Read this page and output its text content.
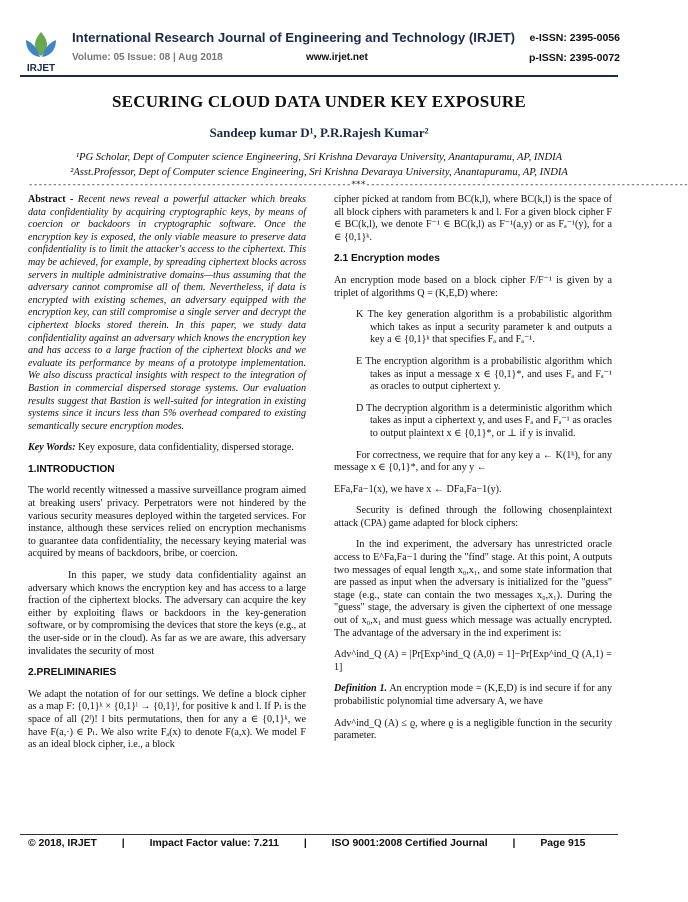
IRJET
International Research Journal of Engineering and Technology (IRJET) e-ISSN: 2395-0056
Volume: 05 Issue: 08 | Aug 2018	www.irjet.net	p-ISSN: 2395-0072
SECURING CLOUD DATA UNDER KEY EXPOSURE
Sandeep kumar D¹, P.R.Rajesh Kumar²
¹PG Scholar, Dept of Computer science Engineering, Sri Krishna Devaraya University, Anantapuramu, AP, INDIA
²Asst.Professor, Dept of Computer science Engineering, Sri Krishna Devaraya University, Anantapuramu, AP, INDIA
-------------------------------------------------------------------***-------------------------------------------------------------------

Abstract - Recent news reveal a powerful attacker which breaks data confidentiality by acquiring cryptographic keys, by means of coercion or backdoors in cryptographic software. Once the encryption key is exposed, the only viable measure to preserve data confidentiality is to limit the attacker's access to the ciphertext. This may be achieved, for example, by spreading ciphertext blocks across servers in multiple administrative domains—thus assuming that the adversary cannot compromise all of them. Nevertheless, if data is encrypted with existing schemes, an adversary equipped with the encryption key, can still compromise a single server and decrypt the ciphertext blocks stored therein. In this paper, we study data confidentiality against an adversary which knows the encryption key and has access to a large fraction of the ciphertext blocks and we evaluate its performance by means of a prototype implementation. We also discuss practical insights with respect to the integration of Bastion in commercial dispersed storage systems. Our evaluation results suggest that Bastion is well-suited for integration in existing systems since it incurs less than 5% overhead compared to existing semantically secure encryption modes.

Key Words: Key exposure, data confidentiality, dispersed storage.

1.INTRODUCTION

The world recently witnessed a massive surveillance program aimed at breaking users' privacy. Perpetrators were not hindered by the various security measures deployed within the targeted services. For instance, although these services relied on encryption mechanisms to guarantee data confidentiality, the necessary keying material was acquired by means of backdoors, bribe, or coercion.

In this paper, we study data confidentiality against an adversary which knows the encryption key and has access to a large fraction of the ciphertext blocks. The adversary can acquire the key either by exploiting flaws or backdoors in the key-generation software, or by compromising the devices that store the keys (e.g., at the user-side or in the cloud). As far as we are aware, this adversary invalidates the security of most

2.PRELIMINARIES

We adapt the notation of for our settings. We define a block cipher as a map F: {0,1}ᵏ × {0,1}ˡ → {0,1}ˡ, for positive k and l. If Pₗ is the space of all (2ˡ)! l bits permutations, then for any a ∈ {0,1}ᵏ, we have F(a,·) ∈ Pₗ. We also write Fₐ(x) to denote F(a,x). We model F as an ideal block cipher, i.e., a block

cipher picked at random from BC(k,l), where BC(k,l) is the space of all block ciphers with parameters k and l. For a given block cipher F ∈ BC(k,l), we denote F⁻¹ ∈ BC(k,l) as F⁻¹(a,y) or as Fₐ⁻¹(y), for a ∈ {0,1}ᵏ.

2.1 Encryption modes

An encryption mode based on a block cipher F/F⁻¹ is given by a triplet of algorithms Q = (K,E,D) where:

K The key generation algorithm is a probabilistic algorithm which takes as input a security parameter k and outputs a key a ∈ {0,1}ᵏ that specifies Fₐ and Fₐ⁻¹.

E The encryption algorithm is a probabilistic algorithm which takes as input a message x ∈ {0,1}*, and uses Fₐ and Fₐ⁻¹ as oracles to output ciphertext y.

D The decryption algorithm is a deterministic algorithm which takes as input a ciphertext y, and uses Fₐ and Fₐ⁻¹ as oracles to output plaintext x ∈ {0,1}*, or ⊥ if y is invalid.

For correctness, we require that for any key a ← K(1ᵏ), for any message x ∈ {0,1}*, and for any y ←

EFa,Fa−1(x), we have x ← DFa,Fa−1(y).

Security is defined through the following chosenplaintext attack (CPA) game adapted for block ciphers:

In the ind experiment, the adversary has unrestricted oracle access to E^Fa,Fa−1 during the "find" stage. At this point, A outputs two messages of equal length x₀,x₁, and some state information that are passed as input when the adversary is initialized for the "guess" stage (e.g., state can contain the two messages x₀,x₁). During the "guess" stage, the adversary is given the ciphertext of one message out of x₀,x₁ and must guess which message was actually encrypted. The advantage of the adversary in the ind experiment is:

Adv^ind_Q (A) = |Pr[Exp^ind_Q (A,0) = 1]−Pr[Exp^ind_Q (A,1) = 1]

Definition 1. An encryption mode = (K,E,D) is ind secure if for any probabilistic polynomial time adversary A, we have

Adv^ind_Q (A) ≤ ϱ, where ϱ is a negligible function in the security parameter.

© 2018, IRJET | Impact Factor value: 7.211 | ISO 9001:2008 Certified Journal | Page 915
